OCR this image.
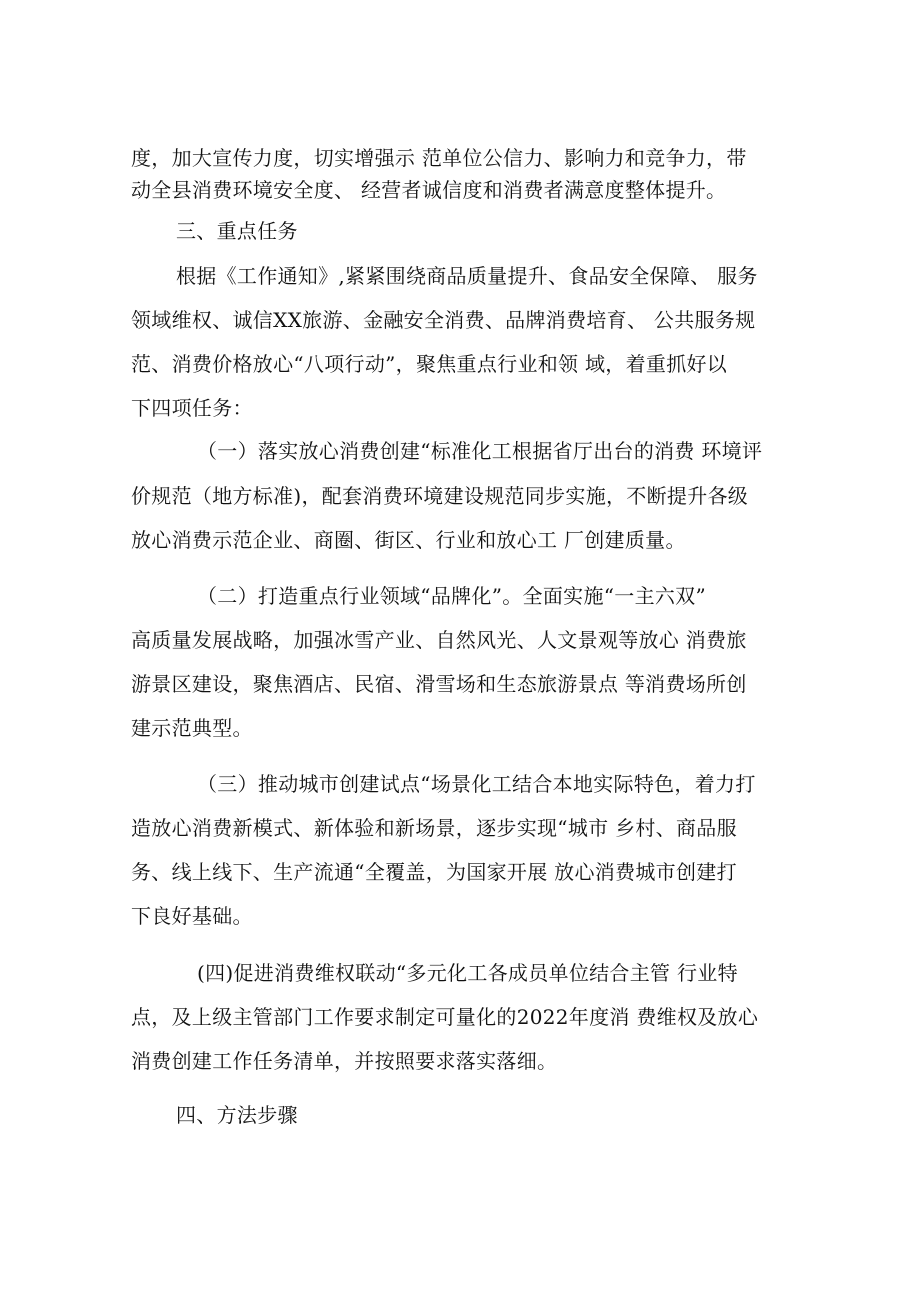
度，加大宣传力度，切实增强示 范单位公信力、影响力和竞争力，带
动全县消费环境安全度、 经营者诚信度和消费者满意度整体提升。
三、重点任务
根据《工作通知》,紧紧围绕商品质量提升、食品安全保障、 服务
领域维权、诚信XX旅游、金融安全消费、品牌消费培育、 公共服务规
范、消费价格放心“八项行动”，聚焦重点行业和领 域，着重抓好以
下四项任务：
（一）落实放心消费创建“标准化工根据省厅出台的消费 环境评
价规范（地方标准)，配套消费环境建设规范同步实施，不断提升各级
放心消费示范企业、商圈、街区、行业和放心工 厂创建质量。
（二）打造重点行业领域“品牌化”。全面实施“一主六双”
高质量发展战略，加强冰雪产业、自然风光、人文景观等放心 消费旅
游景区建设，聚焦酒店、民宿、滑雪场和生态旅游景点 等消费场所创
建示范典型。
（三）推动城市创建试点“场景化工结合本地实际特色，着力打
造放心消费新模式、新体验和新场景，逐步实现“城市 乡村、商品服
务、线上线下、生产流通“全覆盖，为国家开展 放心消费城市创建打
下良好基础。
(四)促进消费维权联动“多元化工各成员单位结合主管 行业特
点，及上级主管部门工作要求制定可量化的2022年度消 费维权及放心
消费创建工作任务清单，并按照要求落实落细。
四、方法步骤
